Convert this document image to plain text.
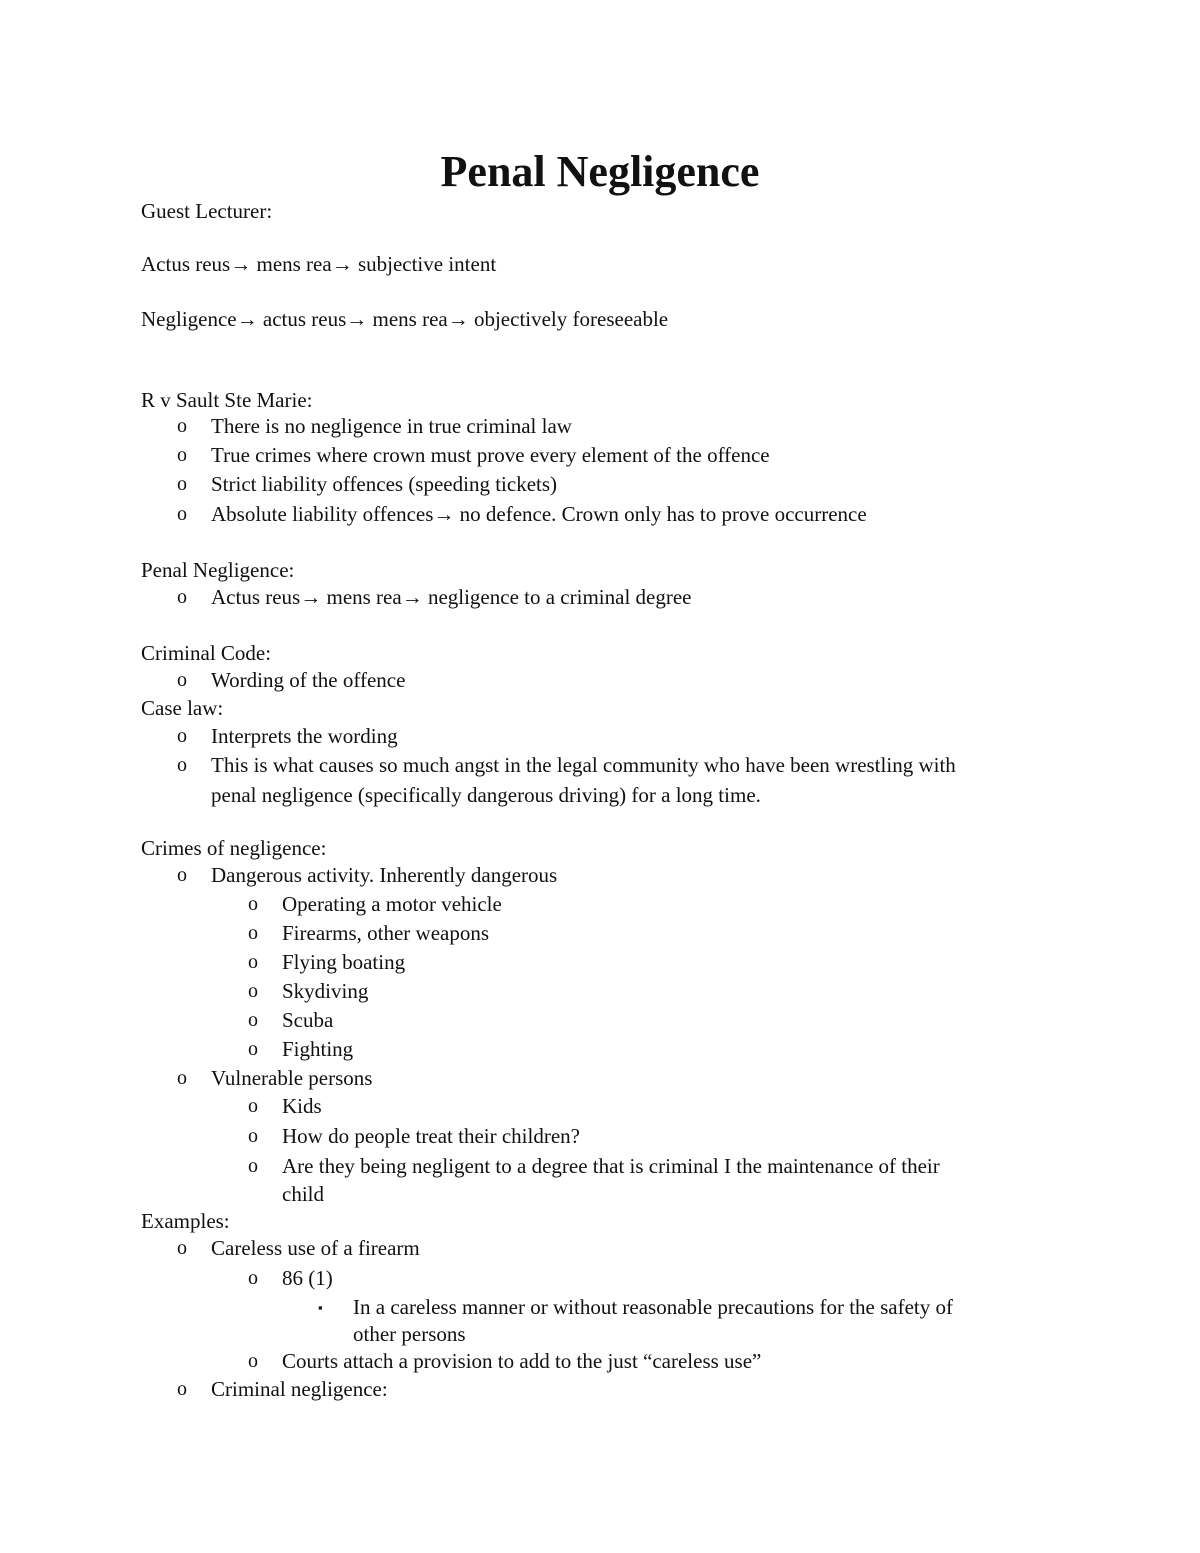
Penal Negligence

Guest Lecturer:

Actus reus→ mens rea→ subjective intent

Negligence→ actus reus→ mens rea→ objectively foreseeable

R v Sault Ste Marie:

o There is no negligence in true criminal law

o True crimes where crown must prove every element of the offence

o Strict liability offences (speeding tickets)

o Absolute liability offences→ no defence. Crown only has to prove occurrence

Penal Negligence:

o Actus reus→ mens rea→ negligence to a criminal degree

Criminal Code:

o Wording of the offence

Case law:

o Interprets the wording

o This is what causes so much angst in the legal community who have been wrestling with

penal negligence (specifically dangerous driving) for a long time.

Crimes of negligence:

o Dangerous activity. Inherently dangerous

o Operating a motor vehicle

o Firearms, other weapons

o Flying boating

o Skydiving

o Scuba

o Fighting

o Vulnerable persons

o Kids

o How do people treat their children?

o Are they being negligent to a degree that is criminal I the maintenance of their

child

Examples:

o Careless use of a firearm

o 86 (1)

▪ In a careless manner or without reasonable precautions for the safety of

other persons

o Courts attach a provision to add to the just “careless use”

o Criminal negligence:
